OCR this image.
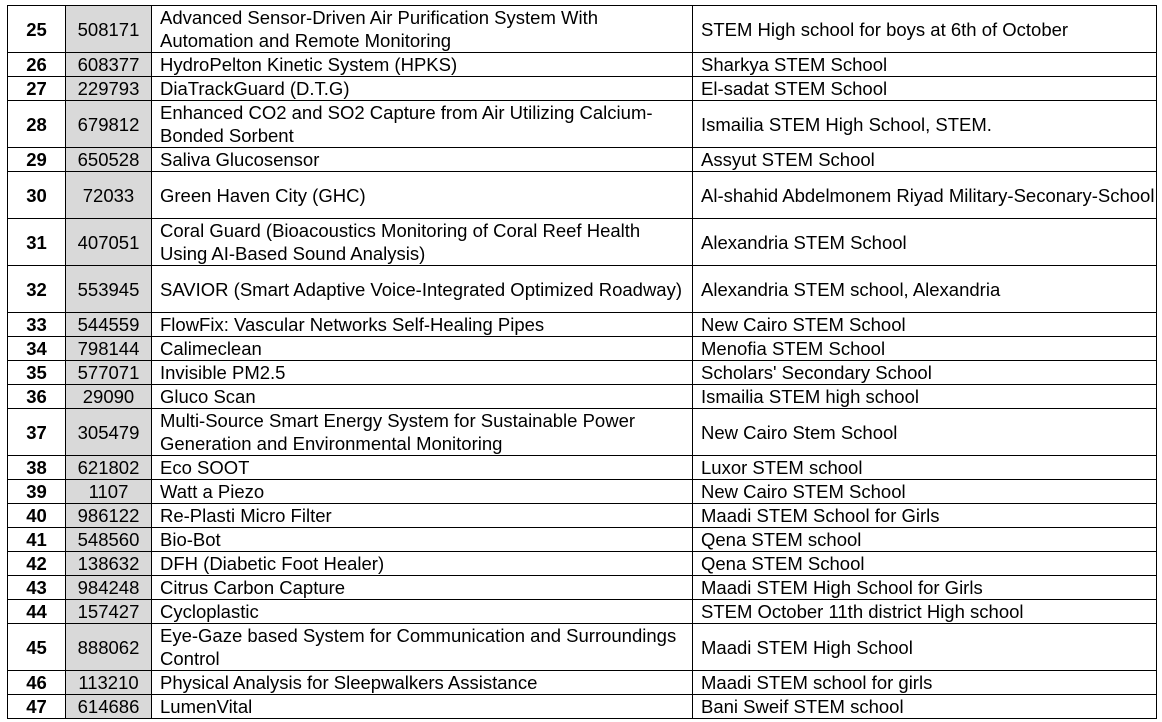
25	508171	Advanced Sensor-Driven Air Purification System With Automation and Remote Monitoring	STEM High school for boys at 6th of October
26	608377	HydroPelton Kinetic System (HPKS)	Sharkya STEM School
27	229793	DiaTrackGuard (D.T.G)	El-sadat STEM School
28	679812	Enhanced CO2 and SO2 Capture from Air Utilizing Calcium-Bonded Sorbent	Ismailia STEM High School, STEM.
29	650528	Saliva Glucosensor	Assyut STEM School
30	72033	Green Haven City (GHC)	Al-shahid Abdelmonem Riyad Military-Seconary-School
31	407051	Coral Guard (Bioacoustics Monitoring of Coral Reef Health Using AI-Based Sound Analysis)	Alexandria STEM School
32	553945	SAVIOR (Smart Adaptive Voice-Integrated Optimized Roadway)	Alexandria STEM school, Alexandria
33	544559	FlowFix: Vascular Networks Self-Healing Pipes	New Cairo STEM School
34	798144	Calimeclean	Menofia STEM School
35	577071	Invisible PM2.5	Scholars' Secondary School
36	29090	Gluco Scan	Ismailia STEM high school
37	305479	Multi-Source Smart Energy System for Sustainable Power Generation and Environmental Monitoring	New Cairo Stem School
38	621802	Eco SOOT	Luxor STEM school
39	1107	Watt a Piezo	New Cairo STEM School
40	986122	Re-Plasti Micro Filter	Maadi STEM School for Girls
41	548560	Bio-Bot	Qena STEM school
42	138632	DFH (Diabetic Foot Healer)	Qena STEM School
43	984248	Citrus Carbon Capture	Maadi STEM High School for Girls
44	157427	Cycloplastic	STEM October 11th district High school
45	888062	Eye-Gaze based System for Communication and Surroundings Control	Maadi STEM High School
46	113210	Physical Analysis for Sleepwalkers Assistance	Maadi STEM school for girls
47	614686	LumenVital	Bani Sweif STEM school
